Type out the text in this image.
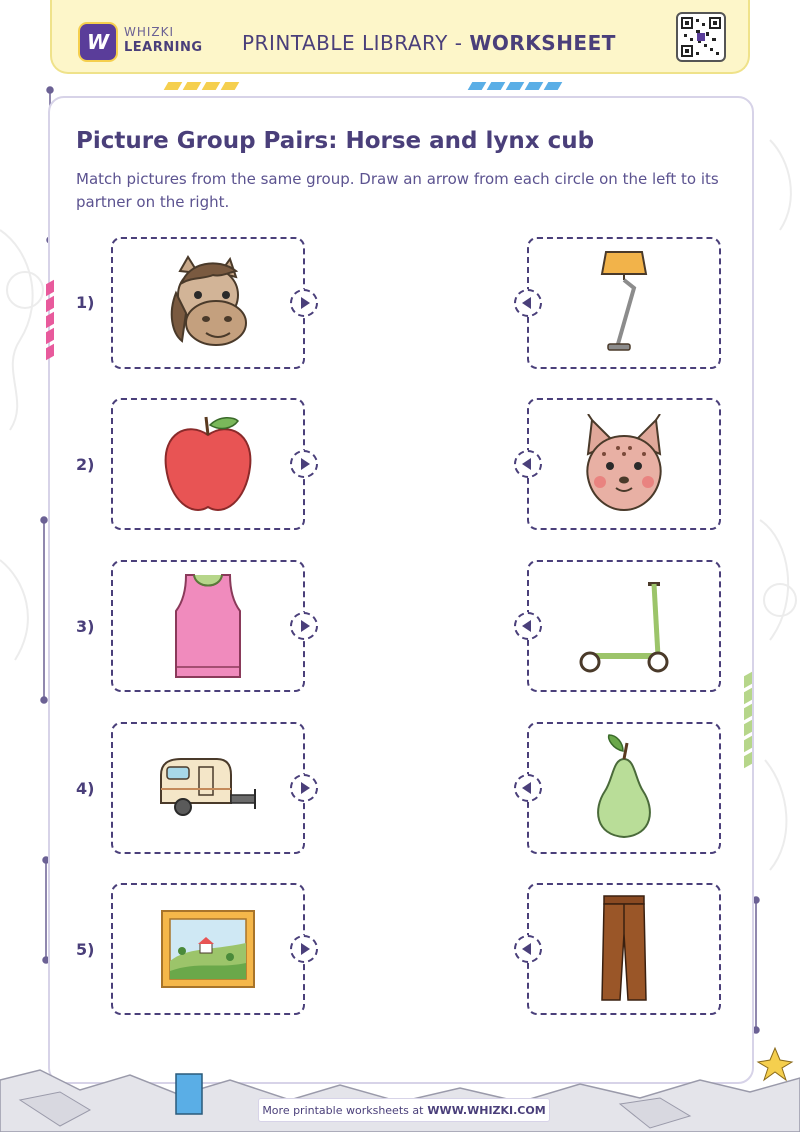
W	WHIZKI
LEARNING PRINTABLE LIBRARY - WORKSHEET
Picture Group Pairs: Horse and lynx cub
Match pictures from the same group. Draw an arrow from each circle on the left to its partner on the right.
1)
2)
3)
4)
5)
More printable worksheets at WWW.WHIZKI.COM
